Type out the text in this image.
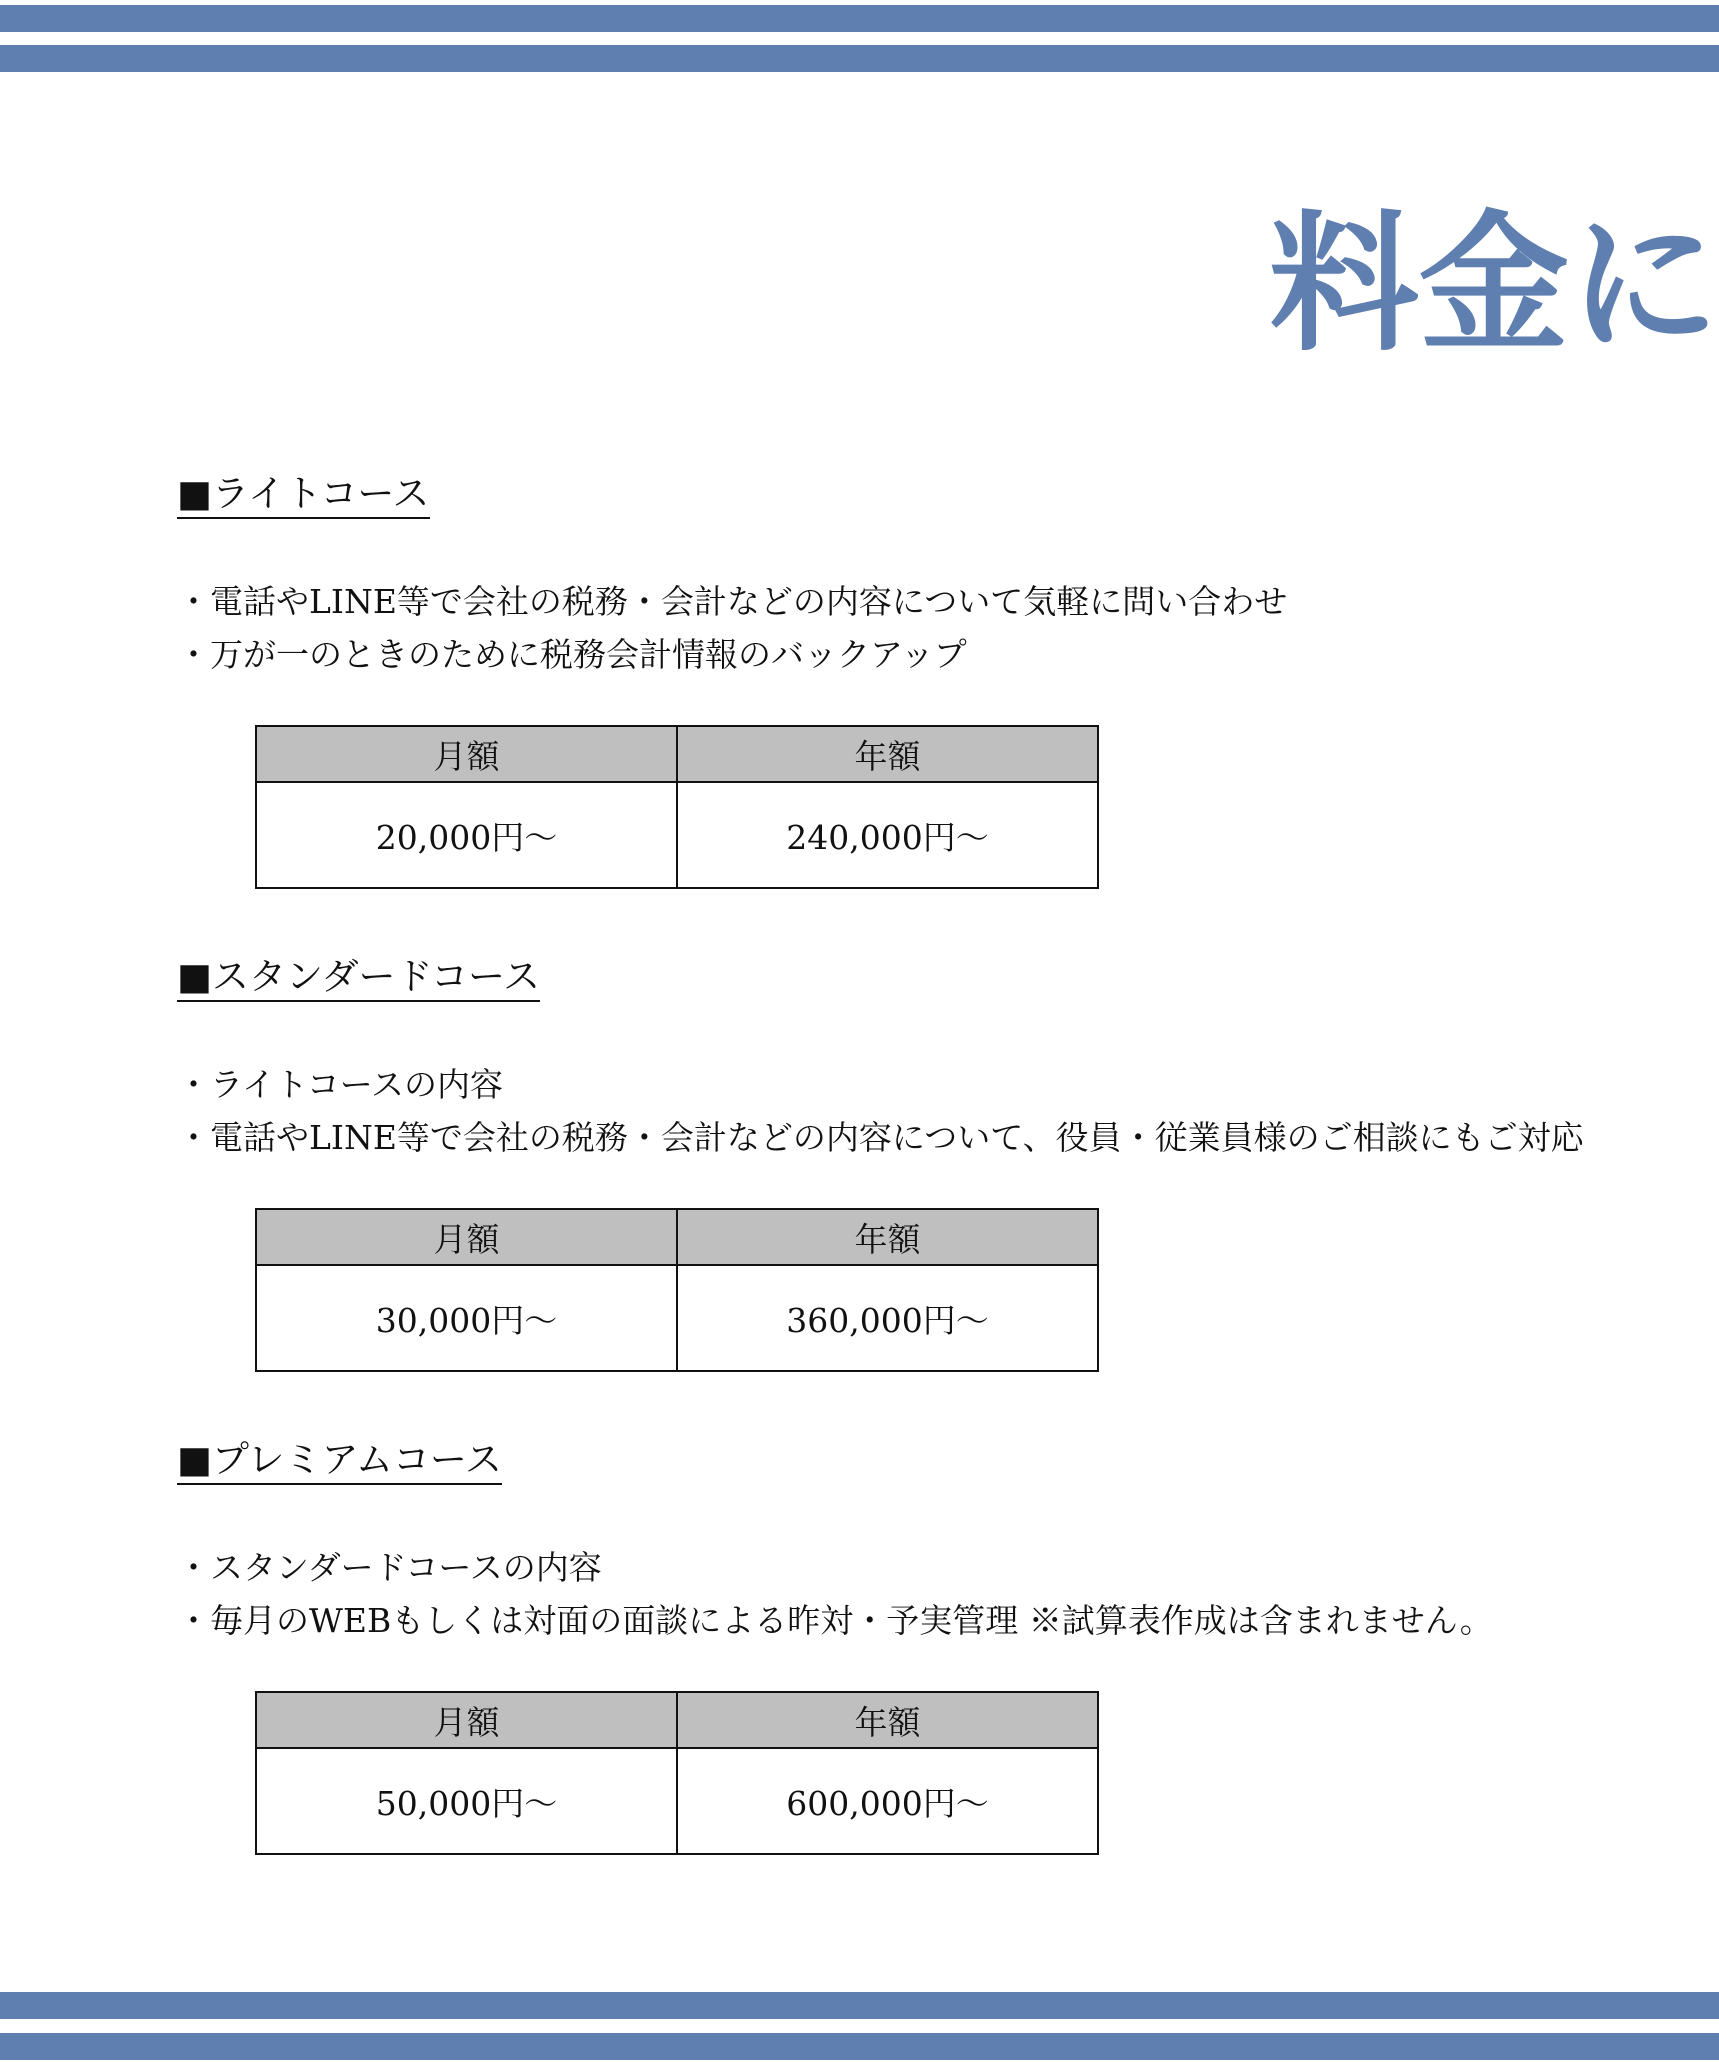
料金に
■ライトコース
・電話やLINE等で会社の税務・会計などの内容について気軽に問い合わせ
・万が一のときのために税務会計情報のバックアップ
月額	年額
20,000円～	240,000円～
■スタンダードコース
・ライトコースの内容
・電話やLINE等で会社の税務・会計などの内容について、役員・従業員様のご相談にもご対応
月額	年額
30,000円～	360,000円～
■プレミアムコース
・スタンダードコースの内容
・毎月のWEBもしくは対面の面談による昨対・予実管理 ※試算表作成は含まれません。
月額	年額
50,000円～	600,000円～
